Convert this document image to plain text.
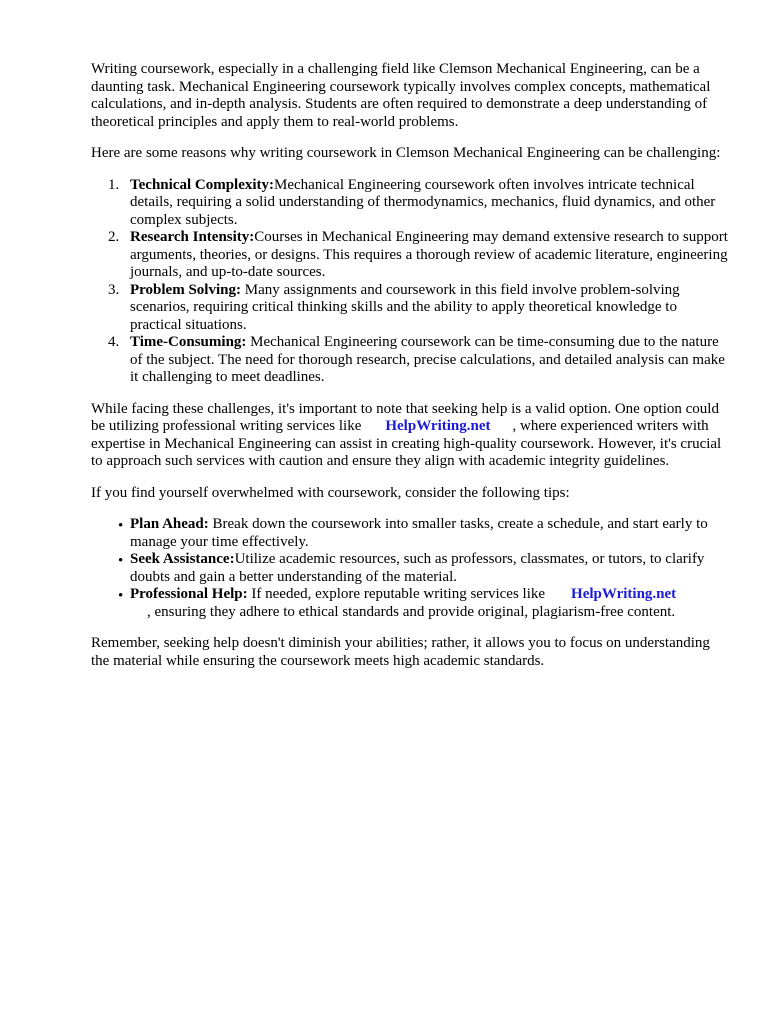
Writing coursework, especially in a challenging field like Clemson Mechanical Engineering, can be a daunting task. Mechanical Engineering coursework typically involves complex concepts, mathematical calculations, and in-depth analysis. Students are often required to demonstrate a deep understanding of theoretical principles and apply them to real-world problems.

Here are some reasons why writing coursework in Clemson Mechanical Engineering can be challenging:

1. Technical Complexity:Mechanical Engineering coursework often involves intricate technical details, requiring a solid understanding of thermodynamics, mechanics, fluid dynamics, and other complex subjects.
2. Research Intensity:Courses in Mechanical Engineering may demand extensive research to support arguments, theories, or designs. This requires a thorough review of academic literature, engineering journals, and up-to-date sources.
3. Problem Solving: Many assignments and coursework in this field involve problem-solving scenarios, requiring critical thinking skills and the ability to apply theoretical knowledge to practical situations.
4. Time-Consuming: Mechanical Engineering coursework can be time-consuming due to the nature of the subject. The need for thorough research, precise calculations, and detailed analysis can make it challenging to meet deadlines.

While facing these challenges, it's important to note that seeking help is a valid option. One option could be utilizing professional writing services like HelpWriting.net , where experienced writers with expertise in Mechanical Engineering can assist in creating high-quality coursework. However, it's crucial to approach such services with caution and ensure they align with academic integrity guidelines.

If you find yourself overwhelmed with coursework, consider the following tips:

• Plan Ahead: Break down the coursework into smaller tasks, create a schedule, and start early to manage your time effectively.
• Seek Assistance:Utilize academic resources, such as professors, classmates, or tutors, to clarify doubts and gain a better understanding of the material.
• Professional Help: If needed, explore reputable writing services like HelpWriting.net
, ensuring they adhere to ethical standards and provide original, plagiarism-free content.

Remember, seeking help doesn't diminish your abilities; rather, it allows you to focus on understanding the material while ensuring the coursework meets high academic standards.
